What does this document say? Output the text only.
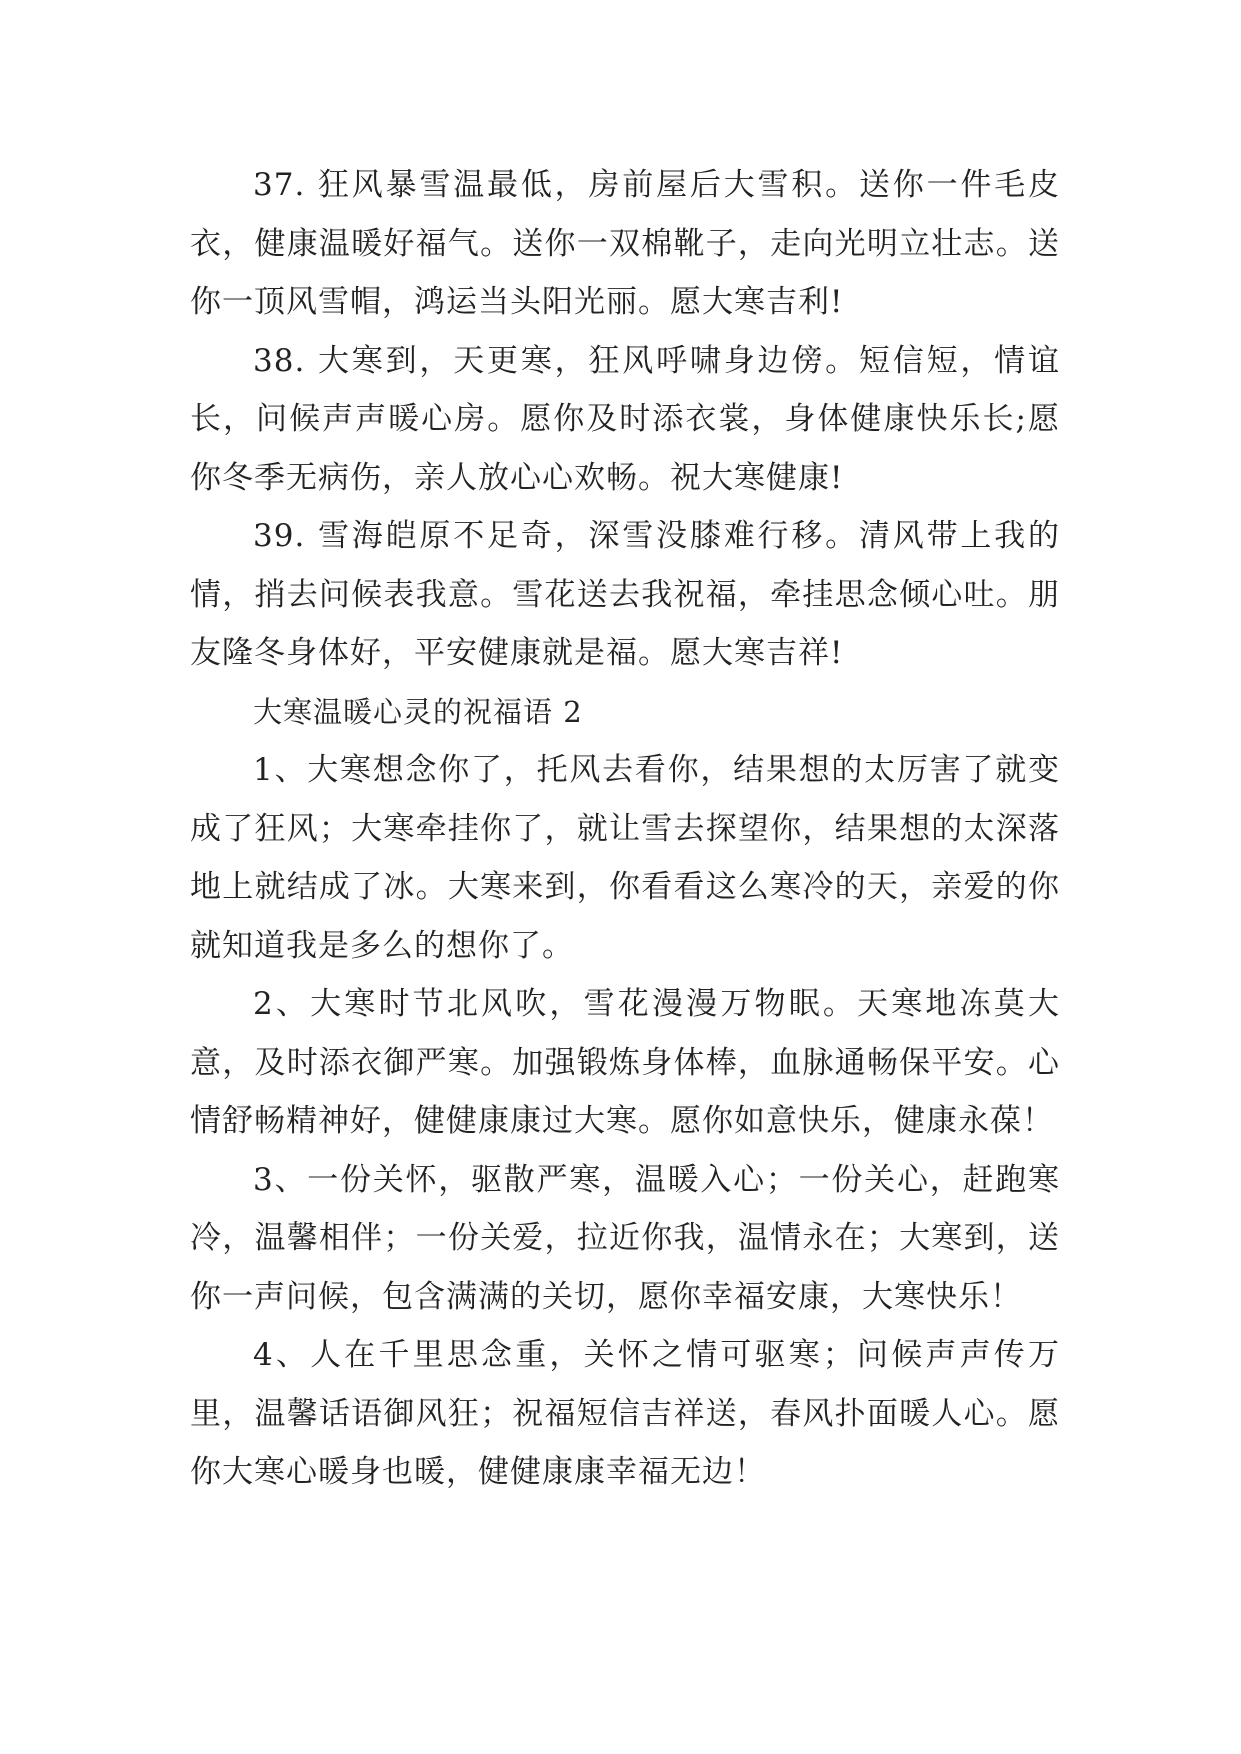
37. 狂风暴雪温最低，房前屋后大雪积。送你一件毛皮衣，健康温暖好福气。送你一双棉靴子，走向光明立壮志。送你一顶风雪帽，鸿运当头阳光丽。愿大寒吉利!

38. 大寒到，天更寒，狂风呼啸身边傍。短信短，情谊长，问候声声暖心房。愿你及时添衣裳，身体健康快乐长;愿你冬季无病伤，亲人放心心欢畅。祝大寒健康!

39. 雪海皑原不足奇，深雪没膝难行移。清风带上我的情，捎去问候表我意。雪花送去我祝福，牵挂思念倾心吐。朋友隆冬身体好，平安健康就是福。愿大寒吉祥!

大寒温暖心灵的祝福语 2

1、大寒想念你了，托风去看你，结果想的太厉害了就变成了狂风；大寒牵挂你了，就让雪去探望你，结果想的太深落地上就结成了冰。大寒来到，你看看这么寒冷的天，亲爱的你就知道我是多么的想你了。

2、大寒时节北风吹，雪花漫漫万物眠。天寒地冻莫大意，及时添衣御严寒。加强锻炼身体棒，血脉通畅保平安。心情舒畅精神好，健健康康过大寒。愿你如意快乐，健康永葆！

3、一份关怀，驱散严寒，温暖入心；一份关心，赶跑寒冷，温馨相伴；一份关爱，拉近你我，温情永在；大寒到，送你一声问候，包含满满的关切，愿你幸福安康，大寒快乐！

4、人在千里思念重，关怀之情可驱寒；问候声声传万里，温馨话语御风狂；祝福短信吉祥送，春风扑面暖人心。愿你大寒心暖身也暖，健健康康幸福无边！
